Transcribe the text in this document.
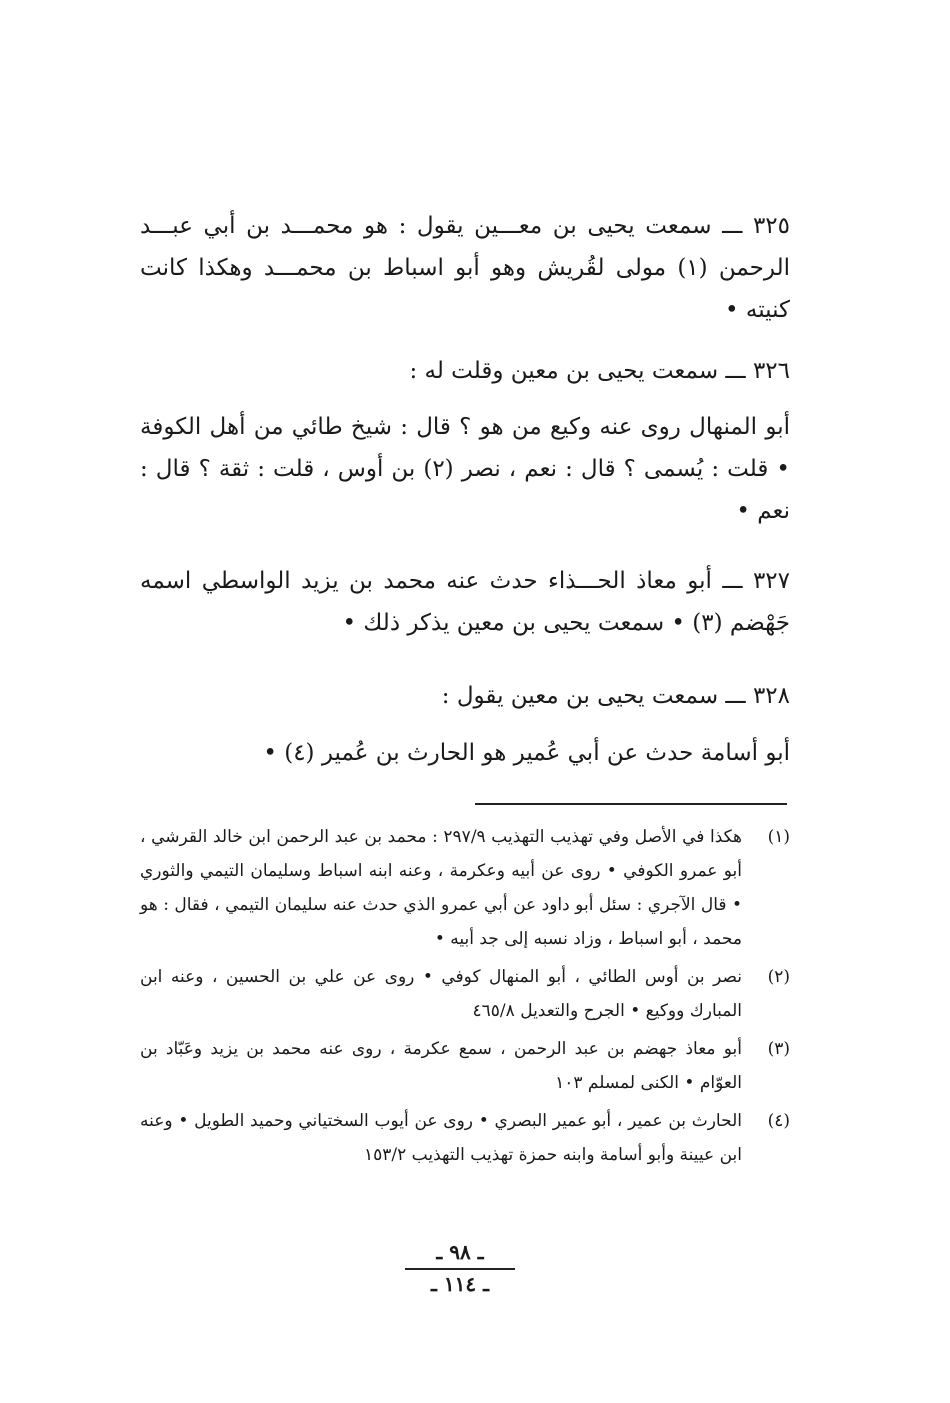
٣٢٥ ـــ سمعت يحيى بن معـــين يقول : هو محمـــد بن أبي عبـــد الرحمن (١) مولى لقُريش وهو أبو اسباط بن محمـــد وهكذا كانت كنيته •

٣٢٦ ـــ سمعت يحيى بن معين وقلت له :

أبو المنهال روى عنه وكيع من هو ؟ قال : شيخ طائي من أهل الكوفة • قلت : يُسمى ؟ قال : نعم ، نصر (٢) بن أوس ، قلت : ثقة ؟ قال : نعم •

٣٢٧ ـــ أبو معاذ الحـــذاء حدث عنه محمد بن يزيد الواسطي اسمه جَهْضم (٣) • سمعت يحيى بن معين يذكر ذلك •

٣٢٨ ـــ سمعت يحيى بن معين يقول :

أبو أسامة حدث عن أبي عُمير هو الحارث بن عُمير (٤) •

(١)
هكذا في الأصل وفي تهذيب التهذيب ٢٩٧/٩ : محمد بن عبد الرحمن ابن خالد القرشي ، أبو عمرو الكوفي • روى عن أبيه وعكرمة ، وعنه ابنه اسباط وسليمان التيمي والثوري • قال الآجري : سئل أبو داود عن أبي عمرو الذي حدث عنه سليمان التيمي ، فقال : هو محمد ، أبو اسباط ، وزاد نسبه إلى جد أبيه •
(٢)
نصر بن أوس الطائي ، أبو المنهال كوفي • روى عن علي بن الحسين ، وعنه ابن المبارك ووكيع • الجرح والتعديل ٤٦٥/٨
(٣)
أبو معاذ جهضم بن عبد الرحمن ، سمع عكرمة ، روى عنه محمد بن يزيد وعَبّاد بن العوّام • الكنى لمسلم ١٠٣
(٤)
الحارث بن عمير ، أبو عمير البصري • روى عن أيوب السختياني وحميد الطويل • وعنه ابن عيينة وأبو أسامة وابنه حمزة تهذيب التهذيب ١٥٣/٢
ـ ٩٨ ـ
ـ ١١٤ ـ
